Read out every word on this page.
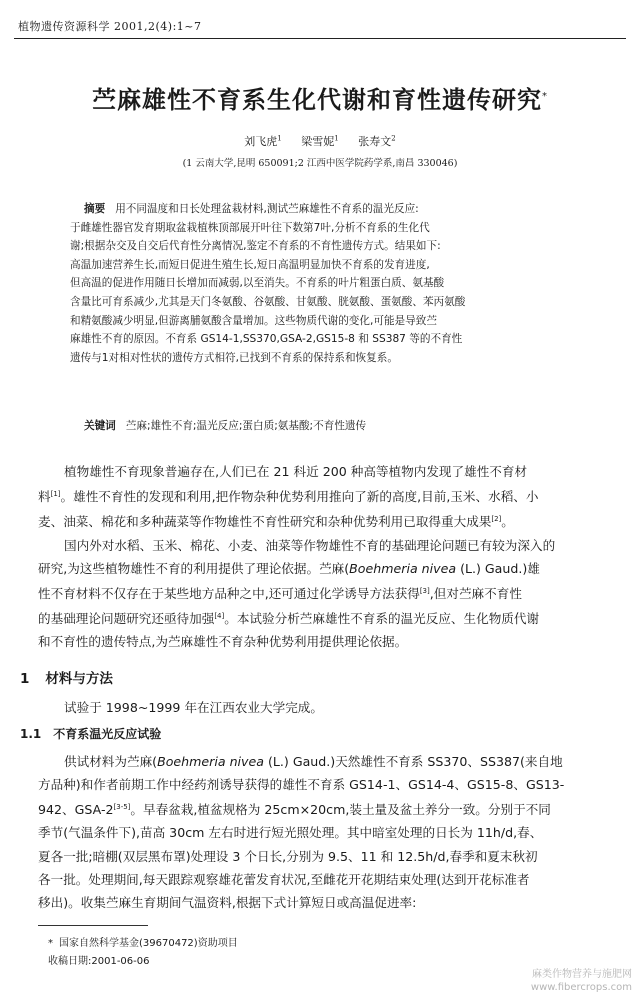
植物遗传资源科学 2001,2(4):1~7
苎麻雄性不育系生化代谢和育性遗传研究*
刘飞虎$^1$ 梁雪妮$^1$ 张寿文$^2$
(1 云南大学,昆明 650091;2 江西中医学院药学系,南昌 330046)
摘要 用不同温度和日长处理盆栽材料,测试苎麻雄性不育系的温光反应:
于雌雄性器官发育期取盆栽植株顶部展开叶往下数第7叶,分析不育系的生化代
谢;根据杂交及自交后代育性分离情况,鉴定不育系的不育性遗传方式。结果如下:
高温加速营养生长,而短日促进生殖生长,短日高温明显加快不育系的发育进度,
但高温的促进作用随日长增加而减弱,以至消失。不育系的叶片粗蛋白质、氨基酸
含量比可育系减少,尤其是天门冬氨酸、谷氨酸、甘氨酸、胱氨酸、蛋氨酸、苯丙氨酸
和精氨酸减少明显,但游离脯氨酸含量增加。这些物质代谢的变化,可能是导致苎
麻雄性不育的原因。不育系 GS14-1,SS370,GSA-2,GS15-8 和 SS387 等的不育性
遗传与1对相对性状的遗传方式相符,已找到不育系的保持系和恢复系。
关键词 苎麻;雄性不育;温光反应;蛋白质;氨基酸;不育性遗传
植物雄性不育现象普遍存在,人们已在 21 科近 200 种高等植物内发现了雄性不育材
料[1]。雄性不育性的发现和利用,把作物杂种优势利用推向了新的高度,目前,玉米、水稻、小
麦、油菜、棉花和多种蔬菜等作物雄性不育性研究和杂种优势利用已取得重大成果[2]。
国内外对水稻、玉米、棉花、小麦、油菜等作物雄性不育的基础理论问题已有较为深入的
研究,为这些植物雄性不育的利用提供了理论依据。苎麻(Boehmeria nivea (L.) Gaud.)雄
性不育材料不仅存在于某些地方品种之中,还可通过化学诱导方法获得[3],但对苎麻不育性
的基础理论问题研究还亟待加强[4]。本试验分析苎麻雄性不育系的温光反应、生化物质代谢
和不育性的遗传特点,为苎麻雄性不育杂种优势利用提供理论依据。
1 材料与方法
试验于 1998~1999 年在江西农业大学完成。
1.1 不育系温光反应试验
供试材料为苎麻(Boehmeria nivea (L.) Gaud.)天然雄性不育系 SS370、SS387(来自地
方品种)和作者前期工作中经药剂诱导获得的雄性不育系 GS14-1、GS14-4、GS15-8、GS13-
942、GSA-2[3-5]。早春盆栽,植盆规格为 25cm×20cm,装土量及盆土养分一致。分别于不同
季节(气温条件下),苗高 30cm 左右时进行短光照处理。其中暗室处理的日长为 11h/d,春、
夏各一批;暗棚(双层黑布罩)处理设 3 个日长,分别为 9.5、11 和 12.5h/d,春季和夏末秋初
各一批。处理期间,每天跟踪观察雄花蕾发育状况,至雌花开花期结束处理(达到开花标准者
移出)。收集苎麻生育期间气温资料,根据下式计算短日或高温促进率:
* 国家自然科学基金(39670472)资助项目
收稿日期:2001-06-06
麻类作物营养与施肥网
www.fibercrops.com
